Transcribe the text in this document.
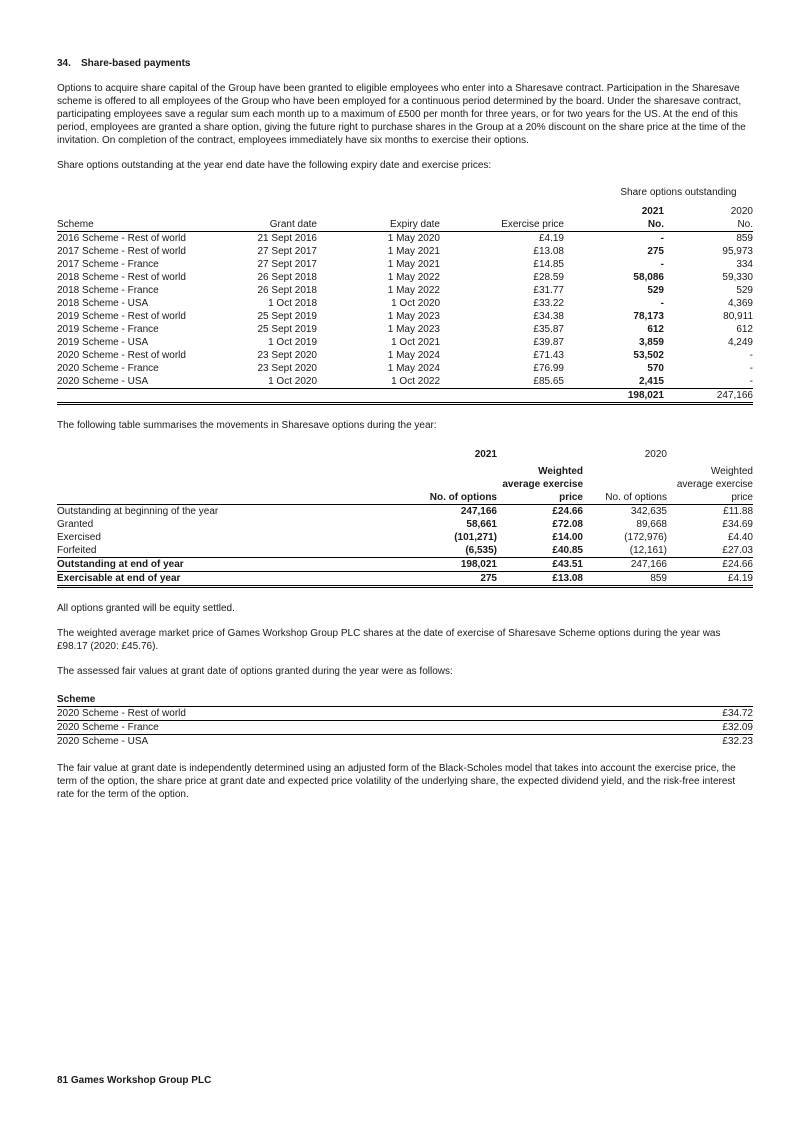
34. Share-based payments

Options to acquire share capital of the Group have been granted to eligible employees who enter into a Sharesave contract. Participation in the Sharesave scheme is offered to all employees of the Group who have been employed for a continuous period determined by the board. Under the sharesave contract, participating employees save a regular sum each month up to a maximum of £500 per month for three years, or for two years for the US. At the end of this period, employees are granted a share option, giving the future right to purchase shares in the Group at a 20% discount on the share price at the time of the invitation. On completion of the contract, employees immediately have six months to exercise their options.

Share options outstanding at the year end date have the following expiry date and exercise prices:

				Share options outstanding	

				2021	2020
Scheme	Grant date	Expiry date	Exercise price	No.	No.
2016 Scheme - Rest of world	21 Sept 2016	1 May 2020	£4.19	-	859
2017 Scheme - Rest of world	27 Sept 2017	1 May 2021	£13.08	275	95,973
2017 Scheme - France	27 Sept 2017	1 May 2021	£14.85	-	334
2018 Scheme - Rest of world	26 Sept 2018	1 May 2022	£28.59	58,086	59,330
2018 Scheme - France	26 Sept 2018	1 May 2022	£31.77	529	529
2018 Scheme - USA	1 Oct 2018	1 Oct 2020	£33.22	-	4,369
2019 Scheme - Rest of world	25 Sept 2019	1 May 2023	£34.38	78,173	80,911
2019 Scheme - France	25 Sept 2019	1 May 2023	£35.87	612	612
2019 Scheme - USA	1 Oct 2019	1 Oct 2021	£39.87	3,859	4,249
2020 Scheme - Rest of world	23 Sept 2020	1 May 2024	£71.43	53,502	-
2020 Scheme - France	23 Sept 2020	1 May 2024	£76.99	570	-
2020 Scheme - USA	1 Oct 2020	1 Oct 2022	£85.65	2,415	-
				198,021	247,166

The following table summarises the movements in Sharesave options during the year:

	2021		2020	

		Weighted		Weighted
		average exercise		average exercise
	No. of options	price	No. of options	price
Outstanding at beginning of the year	247,166	£24.66	342,635	£11.88
Granted	58,661	£72.08	89,668	£34.69
Exercised	(101,271)	£14.00	(172,976)	£4.40
Forfeited	(6,535)	£40.85	(12,161)	£27.03
Outstanding at end of year	198,021	£43.51	247,166	£24.66
Exercisable at end of year	275	£13.08	859	£4.19

All options granted will be equity settled.

The weighted average market price of Games Workshop Group PLC shares at the date of exercise of Sharesave Scheme options during the year was £98.17 (2020: £45.76).

The assessed fair values at grant date of options granted during the year were as follows:

Scheme	
2020 Scheme - Rest of world	£34.72
2020 Scheme - France	£32.09
2020 Scheme - USA	£32.23

The fair value at grant date is independently determined using an adjusted form of the Black-Scholes model that takes into account the exercise price, the term of the option, the share price at grant date and expected price volatility of the underlying share, the expected dividend yield, and the risk-free interest rate for the term of the option.

81 Games Workshop Group PLC
